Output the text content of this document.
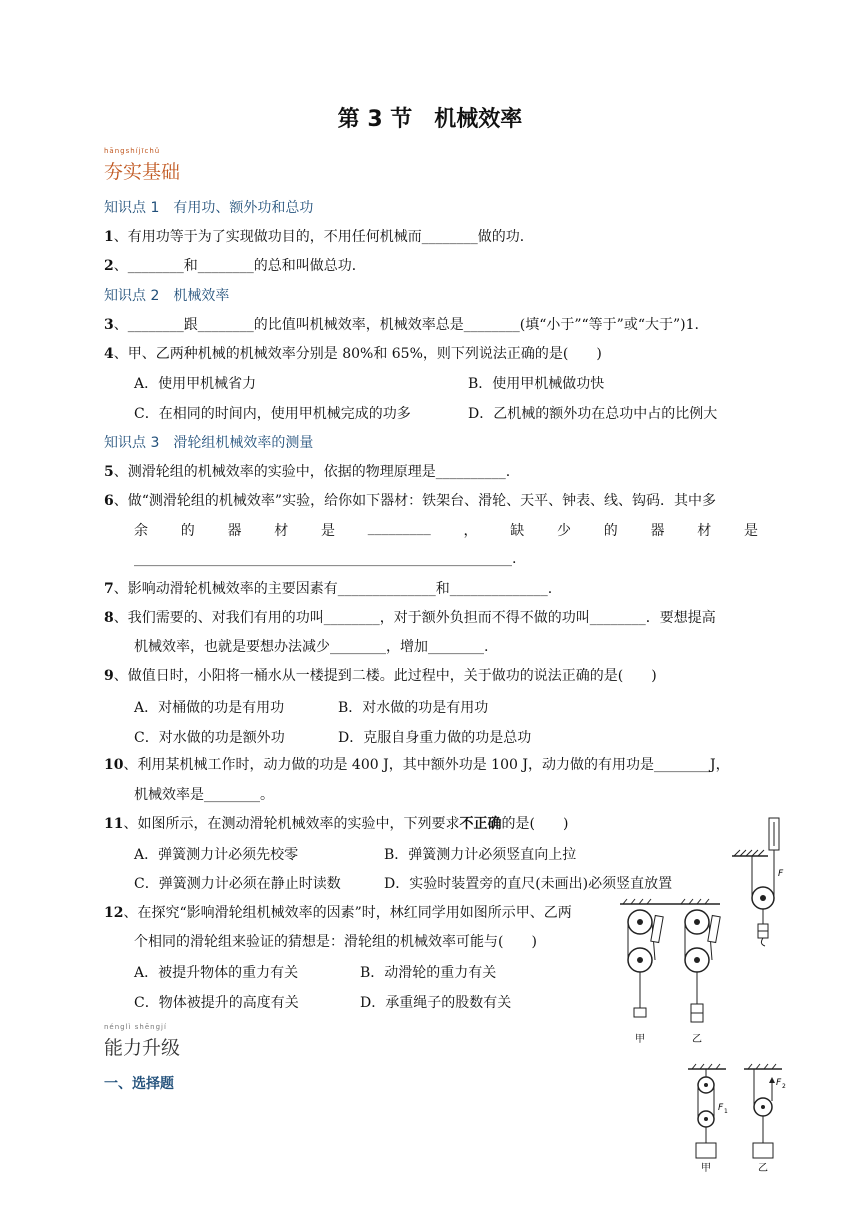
第 3 节　机械效率
hāngshíjīchǔ
夯实基础
知识点 1　有用功、额外功和总功
1、有用功等于为了实现做功目的，不用任何机械而________做的功．
2、________和________的总和叫做总功．
知识点 2　机械效率
3、________跟________的比值叫机械效率，机械效率总是________(填“小于”“等于”或“大于”)1.
4、甲、乙两种机械的机械效率分别是 80%和 65%，则下列说法正确的是(　　)
A．使用甲机械省力	B．使用甲机械做功快
C．在相同的时间内，使用甲机械完成的功多	D．乙机械的额外功在总功中占的比例大
知识点 3　滑轮组机械效率的测量
5、测滑轮组的机械效率的实验中，依据的物理原理是__________.
6、做“测滑轮组的机械效率”实验，给你如下器材：铁架台、滑轮、天平、钟表、线、钩码．其中多
余 的 器 材 是 _________ ， 缺 少 的 器 材 是
______________________________________________________.
7、影响动滑轮机械效率的主要因素有______________和______________.
8、我们需要的、对我们有用的功叫________，对于额外负担而不得不做的功叫________．要想提高
机械效率，也就是要想办法减少________，增加________.
9、做值日时，小阳将一桶水从一楼提到二楼。此过程中，关于做功的说法正确的是(　　)
A．对桶做的功是有用功	B．对水做的功是有用功
C．对水做的功是额外功	D．克服自身重力做的功是总功
10、利用某机械工作时，动力做的功是 400 J，其中额外功是 100 J，动力做的有用功是________J，
机械效率是________。
11、如图所示，在测动滑轮机械效率的实验中，下列要求不正确的是(　　)
A．弹簧测力计必须先校零	B．弹簧测力计必须竖直向上拉
C．弹簧测力计必须在静止时读数	D．实验时装置旁的直尺(未画出)必须竖直放置
12、在探究“影响滑轮组机械效率的因素”时，林红同学用如图所示甲、乙两
个相同的滑轮组来验证的猜想是：滑轮组的机械效率可能与(　　)
A．被提升物体的重力有关	B．动滑轮的重力有关
C．物体被提升的高度有关	D．承重绳子的股数有关
nénglì shēngjí
能力升级
一、选择题
F
甲	乙
F 1
甲
F 2
乙
